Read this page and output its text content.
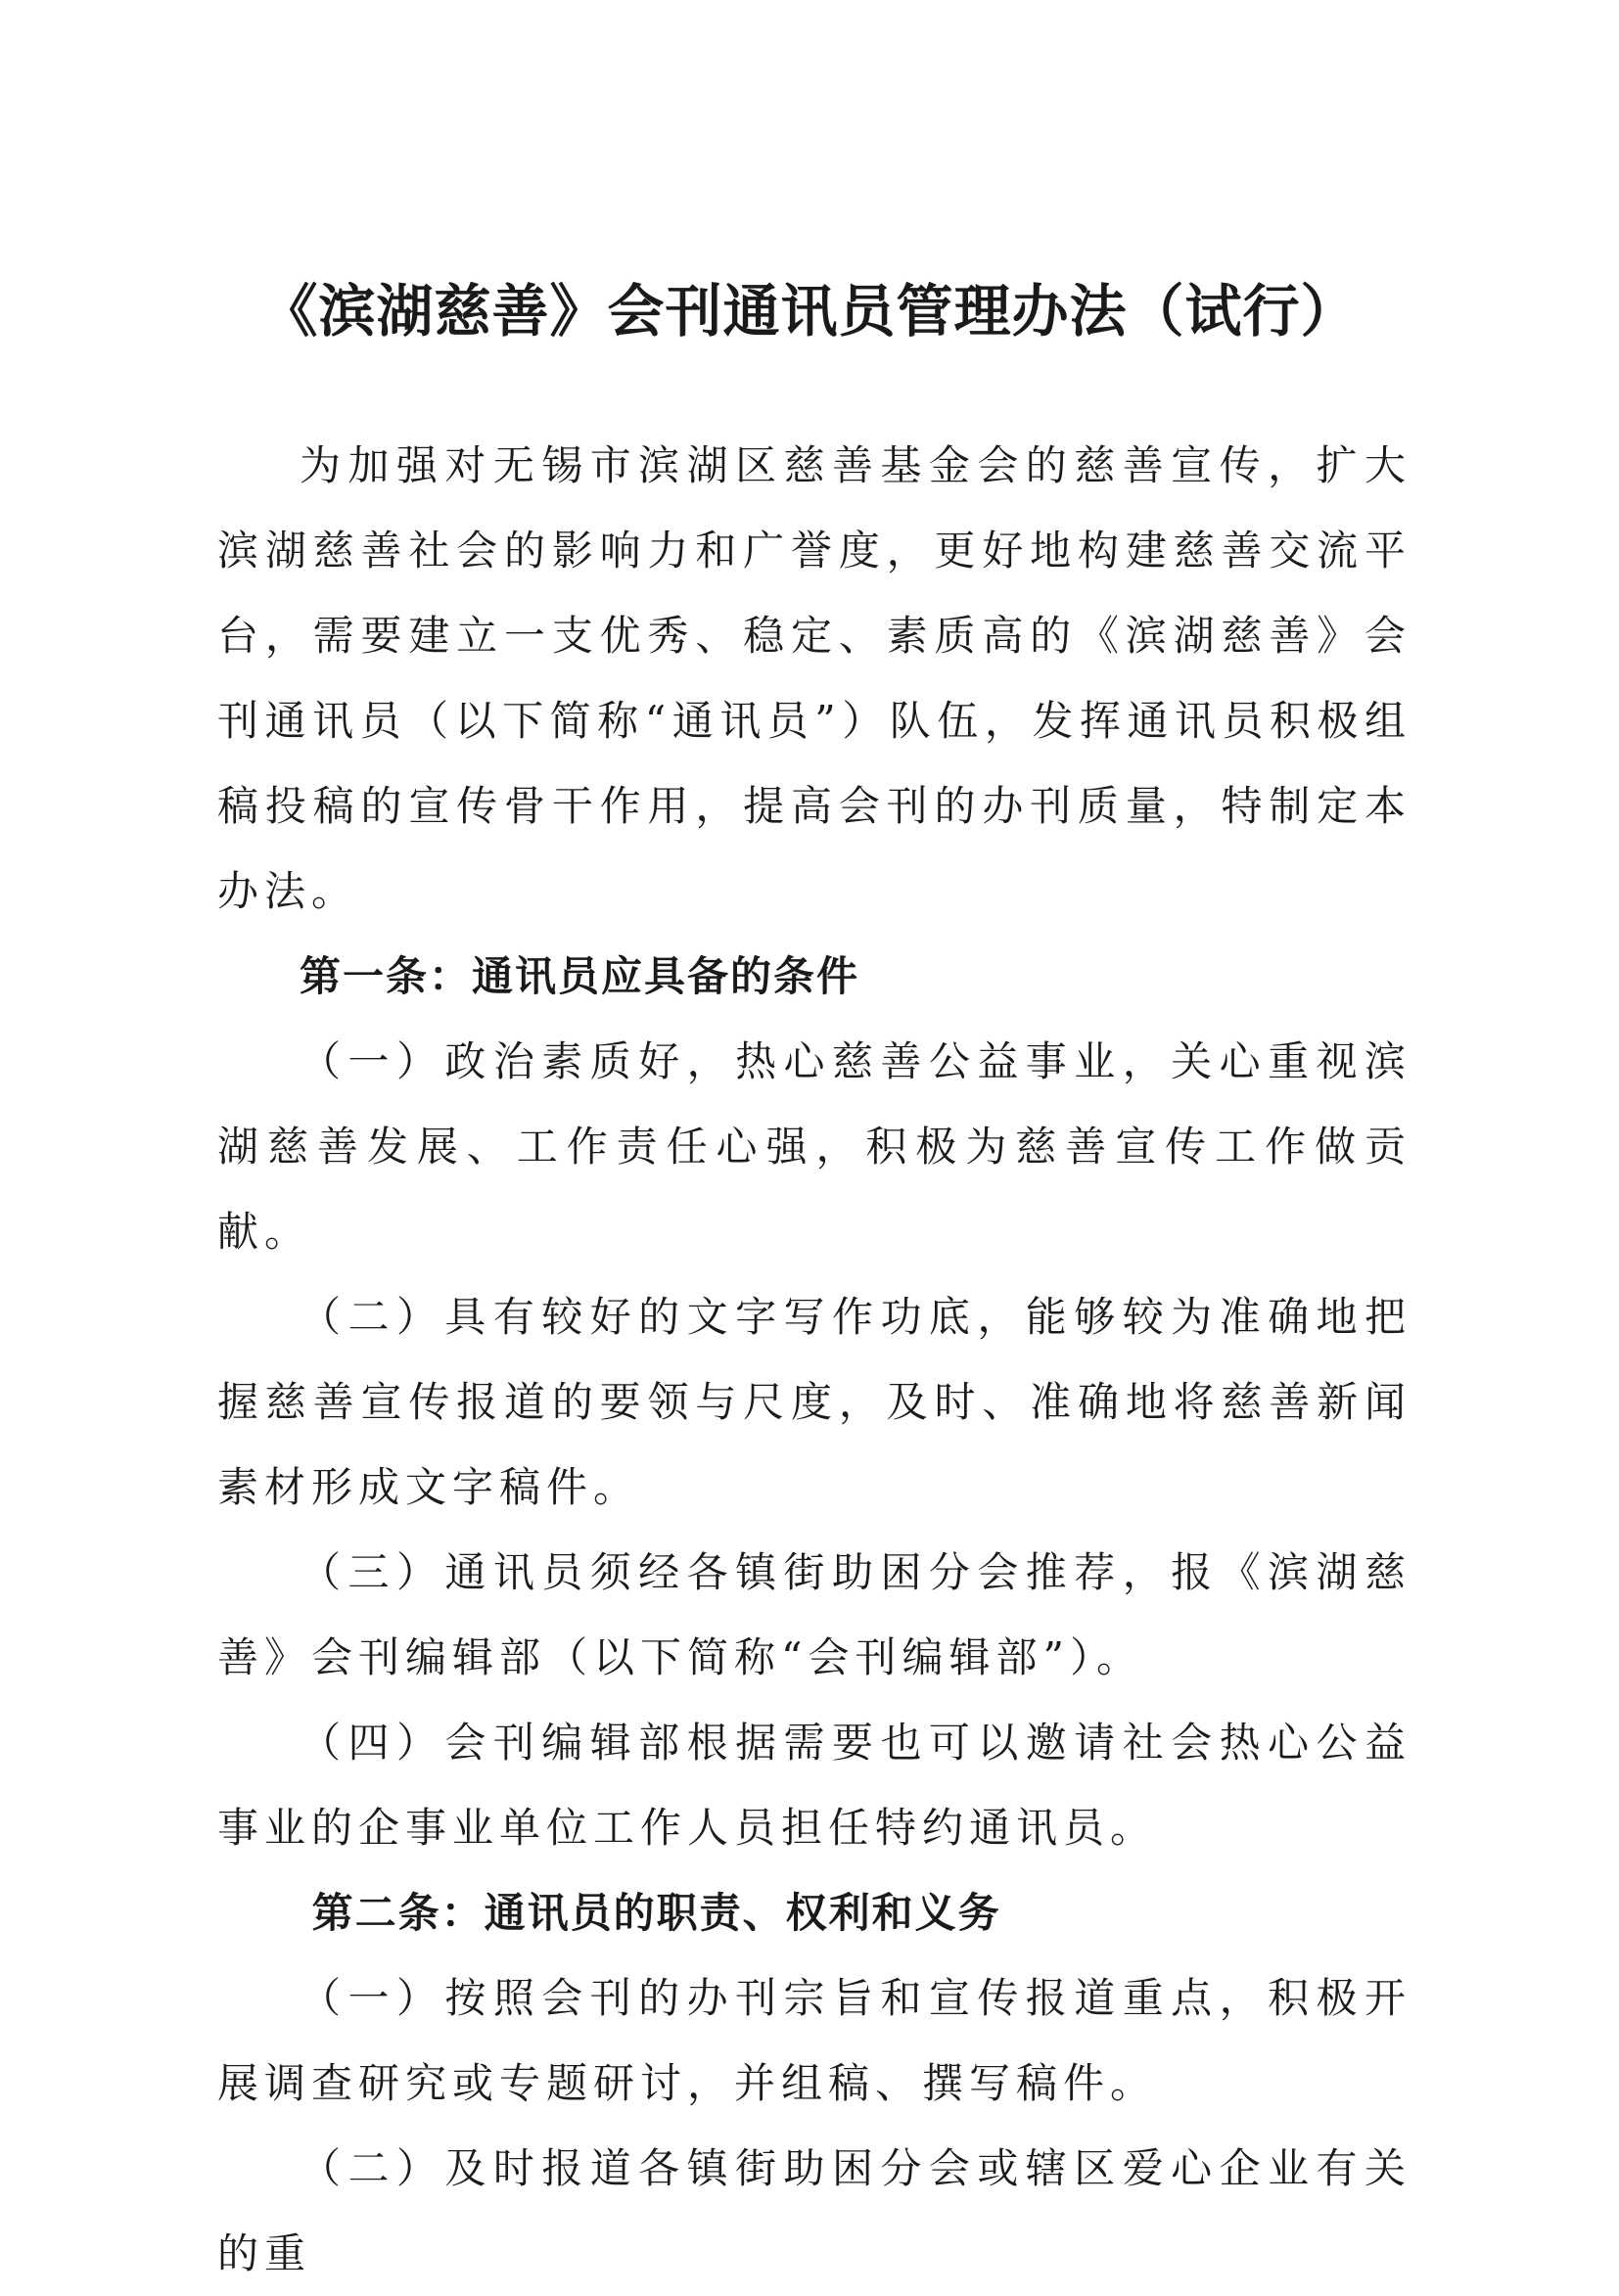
《滨湖慈善》会刊通讯员管理办法（试行）

为加强对无锡市滨湖区慈善基金会的慈善宣传，扩大滨湖慈善社会的影响力和广誉度，更好地构建慈善交流平台，需要建立一支优秀、稳定、素质高的《滨湖慈善》会刊通讯员（以下简称“通讯员”）队伍，发挥通讯员积极组稿投稿的宣传骨干作用，提高会刊的办刊质量，特制定本办法。

第一条：通讯员应具备的条件

（一）政治素质好，热心慈善公益事业，关心重视滨湖慈善发展、工作责任心强，积极为慈善宣传工作做贡献。

（二）具有较好的文字写作功底，能够较为准确地把握慈善宣传报道的要领与尺度，及时、准确地将慈善新闻素材形成文字稿件。

（三）通讯员须经各镇街助困分会推荐，报《滨湖慈善》会刊编辑部（以下简称“会刊编辑部”）。

（四）会刊编辑部根据需要也可以邀请社会热心公益事业的企事业单位工作人员担任特约通讯员。

第二条：通讯员的职责、权利和义务

（一）按照会刊的办刊宗旨和宣传报道重点，积极开展调查研究或专题研讨，并组稿、撰写稿件。

（二）及时报道各镇街助困分会或辖区爱心企业有关的重
